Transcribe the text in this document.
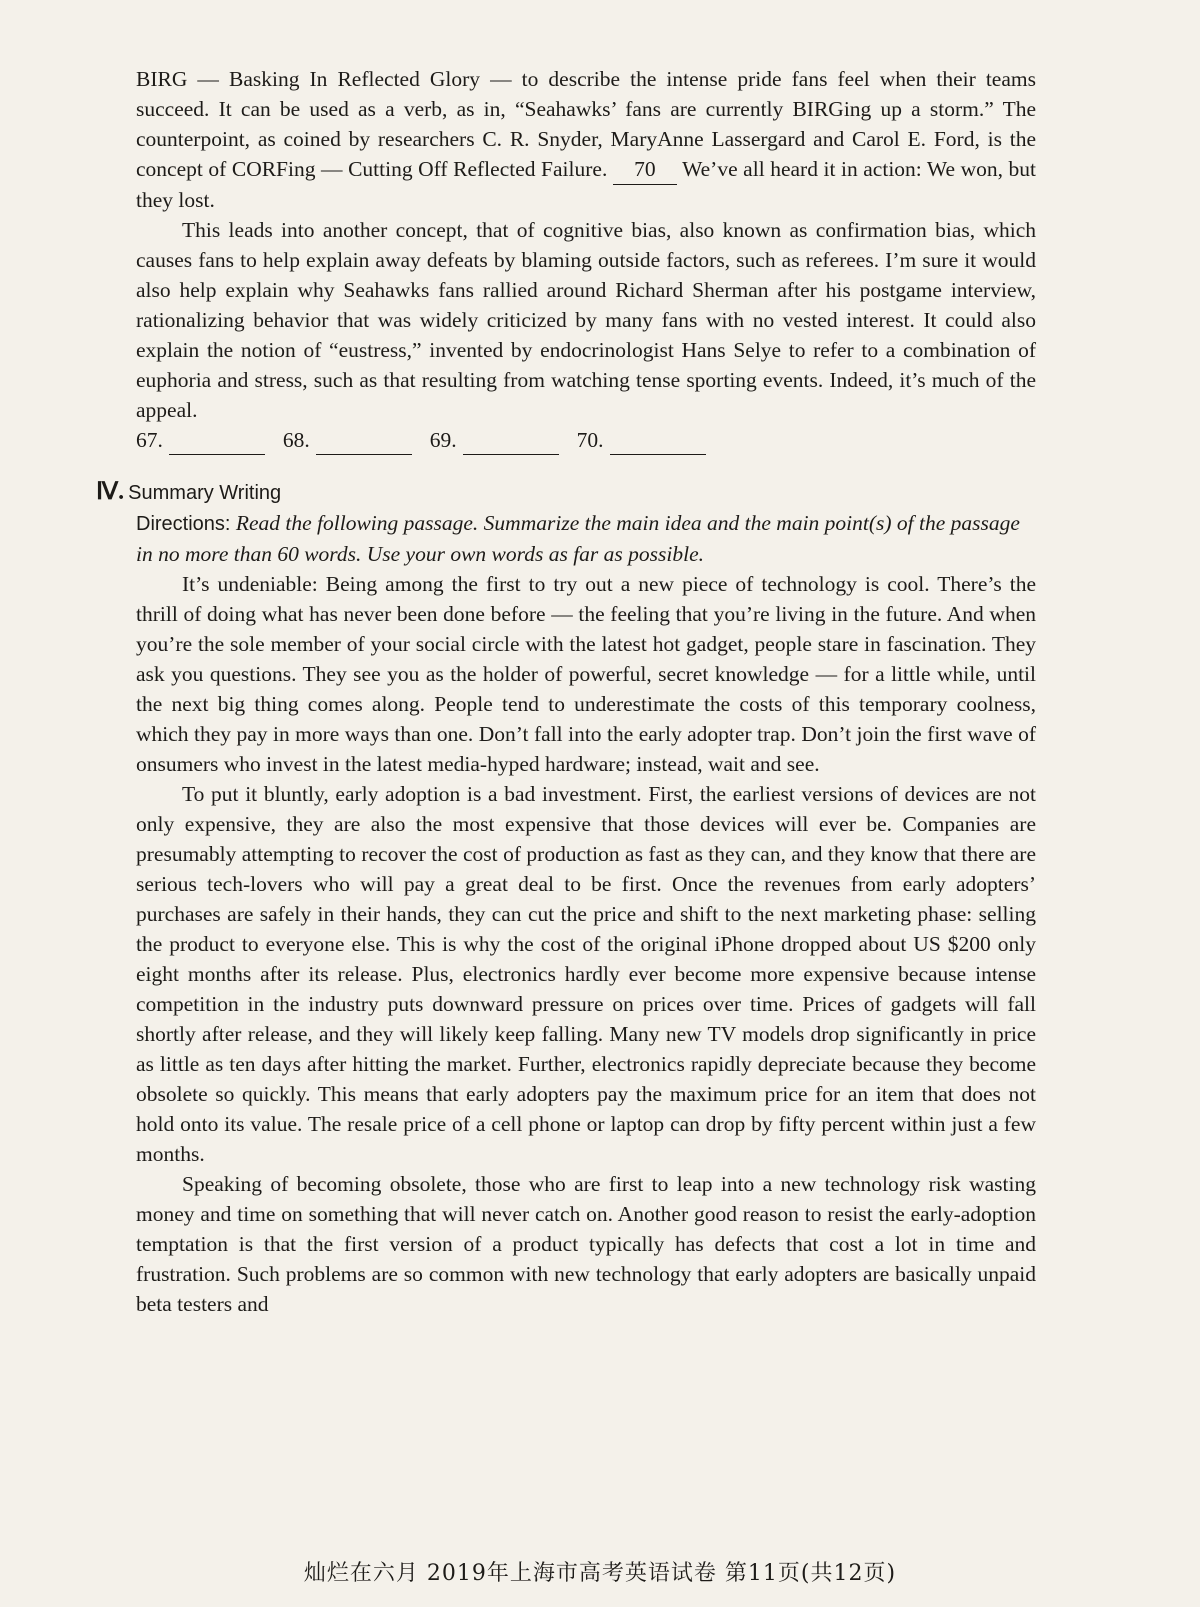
BIRG — Basking In Reflected Glory — to describe the intense pride fans feel when their teams succeed. It can be used as a verb, as in, “Seahawks’ fans are currently BIRGing up a storm.” The counterpoint, as coined by researchers C. R. Snyder, MaryAnne Lassergard and Carol E. Ford, is the concept of CORFing — Cutting Off Reflected Failure. 70 We’ve all heard it in action: We won, but they lost.

This leads into another concept, that of cognitive bias, also known as confirmation bias, which causes fans to help explain away defeats by blaming outside factors, such as referees. I’m sure it would also help explain why Seahawks fans rallied around Richard Sherman after his postgame interview, rationalizing behavior that was widely criticized by many fans with no vested interest. It could also explain the notion of “eustress,” invented by endocrinologist Hans Selye to refer to a combination of euphoria and stress, such as that resulting from watching tense sporting events. Indeed, it’s much of the appeal.

67.	68.	69.	70.
Ⅳ. Summary Writing

Directions: Read the following passage. Summarize the main idea and the main point(s) of the passage in no more than 60 words. Use your own words as far as possible.

It’s undeniable: Being among the first to try out a new piece of technology is cool. There’s the thrill of doing what has never been done before — the feeling that you’re living in the future. And when you’re the sole member of your social circle with the latest hot gadget, people stare in fascination. They ask you questions. They see you as the holder of powerful, secret knowledge — for a little while, until the next big thing comes along. People tend to underestimate the costs of this temporary coolness, which they pay in more ways than one. Don’t fall into the early adopter trap. Don’t join the first wave of onsumers who invest in the latest media-hyped hardware; instead, wait and see.

To put it bluntly, early adoption is a bad investment. First, the earliest versions of devices are not only expensive, they are also the most expensive that those devices will ever be. Companies are presumably attempting to recover the cost of production as fast as they can, and they know that there are serious tech-lovers who will pay a great deal to be first. Once the revenues from early adopters’ purchases are safely in their hands, they can cut the price and shift to the next marketing phase: selling the product to everyone else. This is why the cost of the original iPhone dropped about US $200 only eight months after its release. Plus, electronics hardly ever become more expensive because intense competition in the industry puts downward pressure on prices over time. Prices of gadgets will fall shortly after release, and they will likely keep falling. Many new TV models drop significantly in price as little as ten days after hitting the market. Further, electronics rapidly depreciate because they become obsolete so quickly. This means that early adopters pay the maximum price for an item that does not hold onto its value. The resale price of a cell phone or laptop can drop by fifty percent within just a few months.

Speaking of becoming obsolete, those who are first to leap into a new technology risk wasting money and time on something that will never catch on. Another good reason to resist the early-adoption temptation is that the first version of a product typically has defects that cost a lot in time and frustration. Such problems are so common with new technology that early adopters are basically unpaid beta testers and

灿烂在六月 2019年上海市高考英语试卷 第11页(共12页)
